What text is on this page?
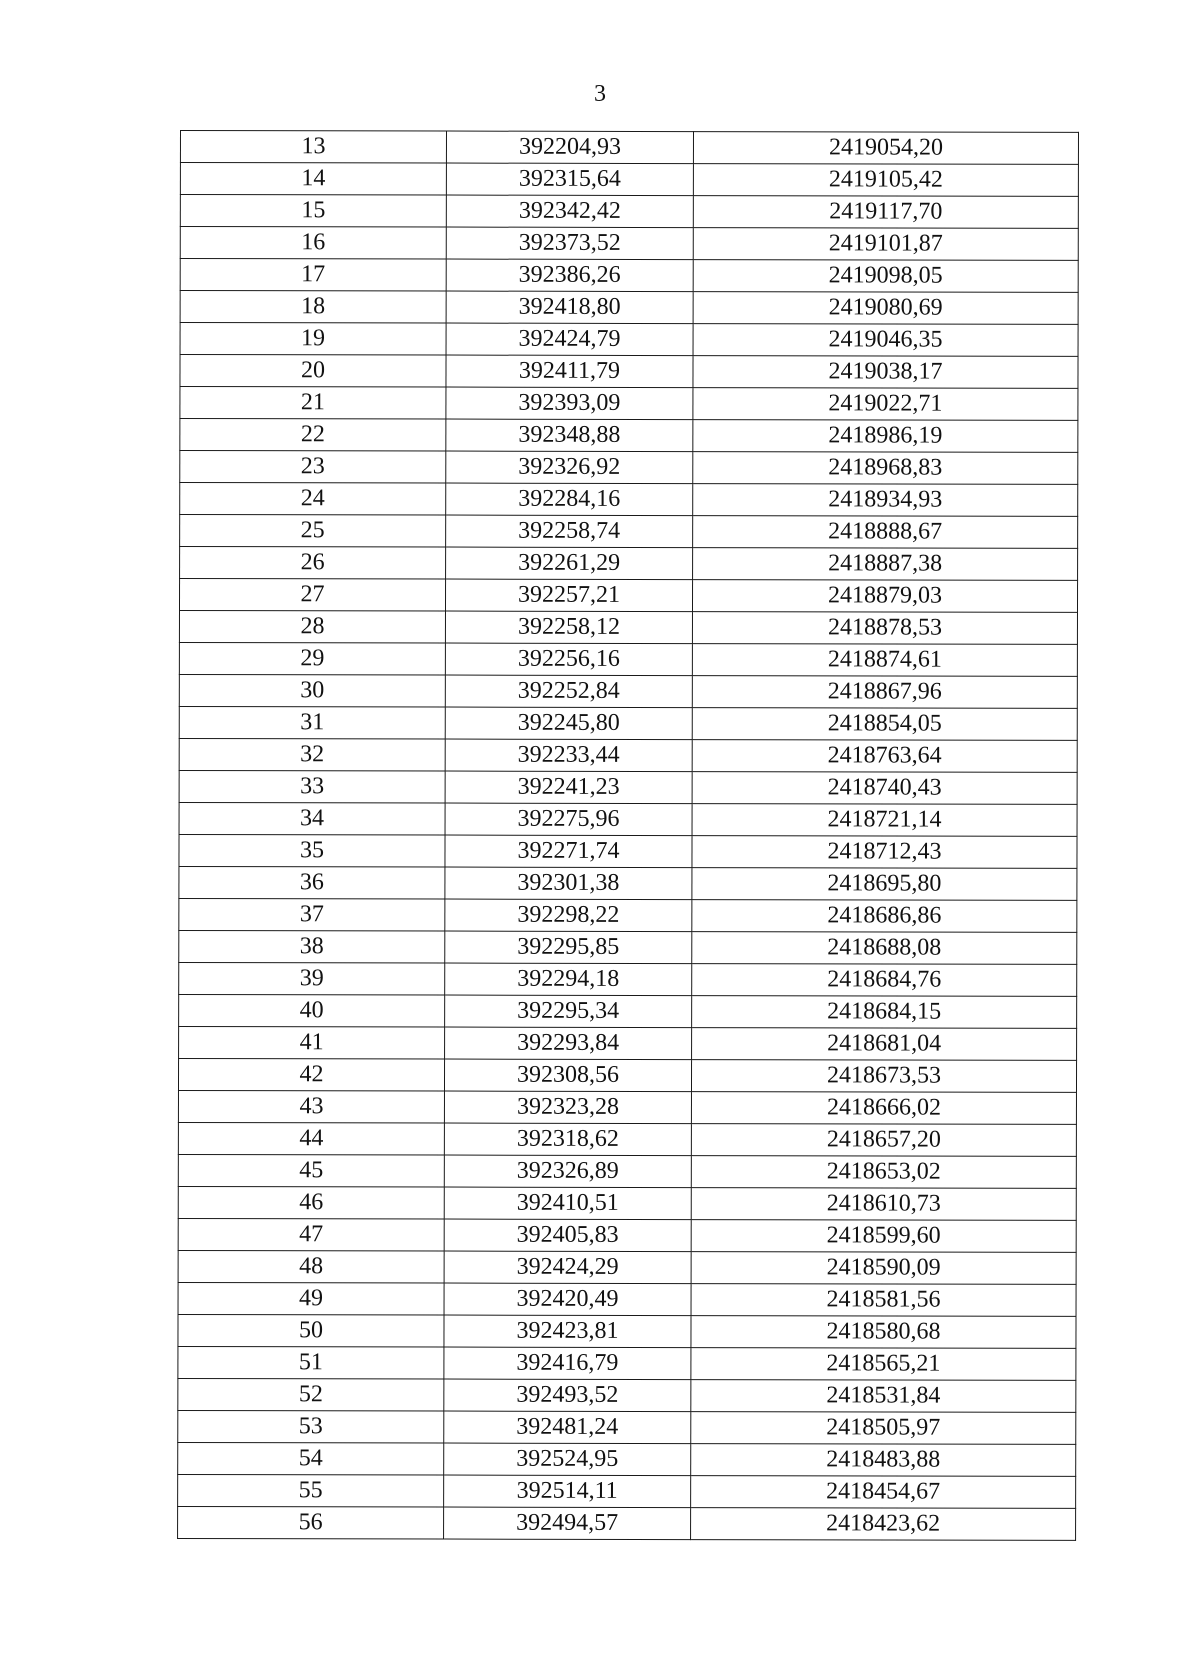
3
13	392204,93	2419054,20
14	392315,64	2419105,42
15	392342,42	2419117,70
16	392373,52	2419101,87
17	392386,26	2419098,05
18	392418,80	2419080,69
19	392424,79	2419046,35
20	392411,79	2419038,17
21	392393,09	2419022,71
22	392348,88	2418986,19
23	392326,92	2418968,83
24	392284,16	2418934,93
25	392258,74	2418888,67
26	392261,29	2418887,38
27	392257,21	2418879,03
28	392258,12	2418878,53
29	392256,16	2418874,61
30	392252,84	2418867,96
31	392245,80	2418854,05
32	392233,44	2418763,64
33	392241,23	2418740,43
34	392275,96	2418721,14
35	392271,74	2418712,43
36	392301,38	2418695,80
37	392298,22	2418686,86
38	392295,85	2418688,08
39	392294,18	2418684,76
40	392295,34	2418684,15
41	392293,84	2418681,04
42	392308,56	2418673,53
43	392323,28	2418666,02
44	392318,62	2418657,20
45	392326,89	2418653,02
46	392410,51	2418610,73
47	392405,83	2418599,60
48	392424,29	2418590,09
49	392420,49	2418581,56
50	392423,81	2418580,68
51	392416,79	2418565,21
52	392493,52	2418531,84
53	392481,24	2418505,97
54	392524,95	2418483,88
55	392514,11	2418454,67
56	392494,57	2418423,62
